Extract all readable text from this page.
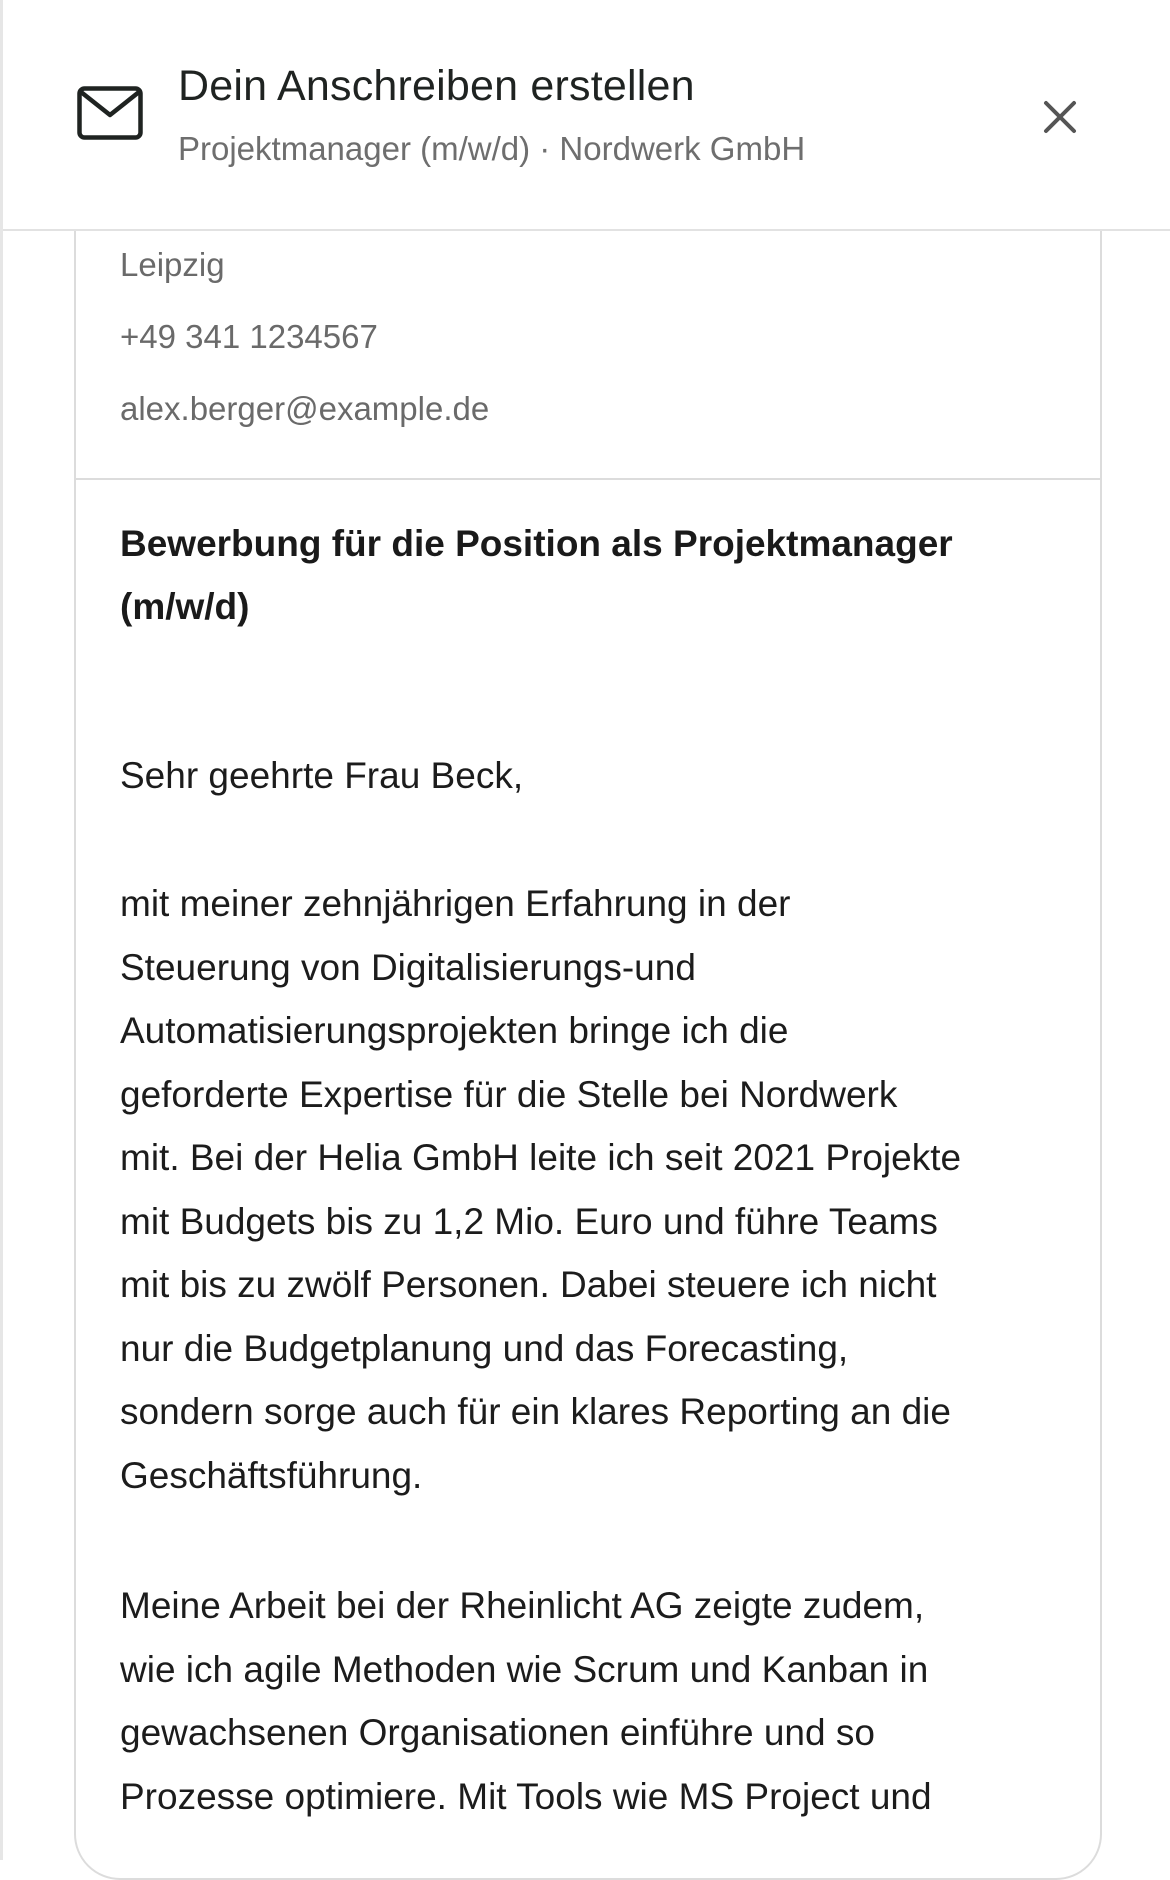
Dein Anschreiben erstellen
Projektmanager (m/w/d) · Nordwerk GmbH
Leipzig
+49 341 1234567
alex.berger@example.de

Bewerbung für die Position als Projektmanager
(m/w/d)

Sehr geehrte Frau Beck,

mit meiner zehnjährigen Erfahrung in der
Steuerung von Digitalisierungs-und
Automatisierungsprojekten bringe ich die
geforderte Expertise für die Stelle bei Nordwerk
mit. Bei der Helia GmbH leite ich seit 2021 Projekte
mit Budgets bis zu 1,2 Mio. Euro und führe Teams
mit bis zu zwölf Personen. Dabei steuere ich nicht
nur die Budgetplanung und das Forecasting,
sondern sorge auch für ein klares Reporting an die
Geschäftsführung.

Meine Arbeit bei der Rheinlicht AG zeigte zudem,
wie ich agile Methoden wie Scrum und Kanban in
gewachsenen Organisationen einführe und so
Prozesse optimiere. Mit Tools wie MS Project und
